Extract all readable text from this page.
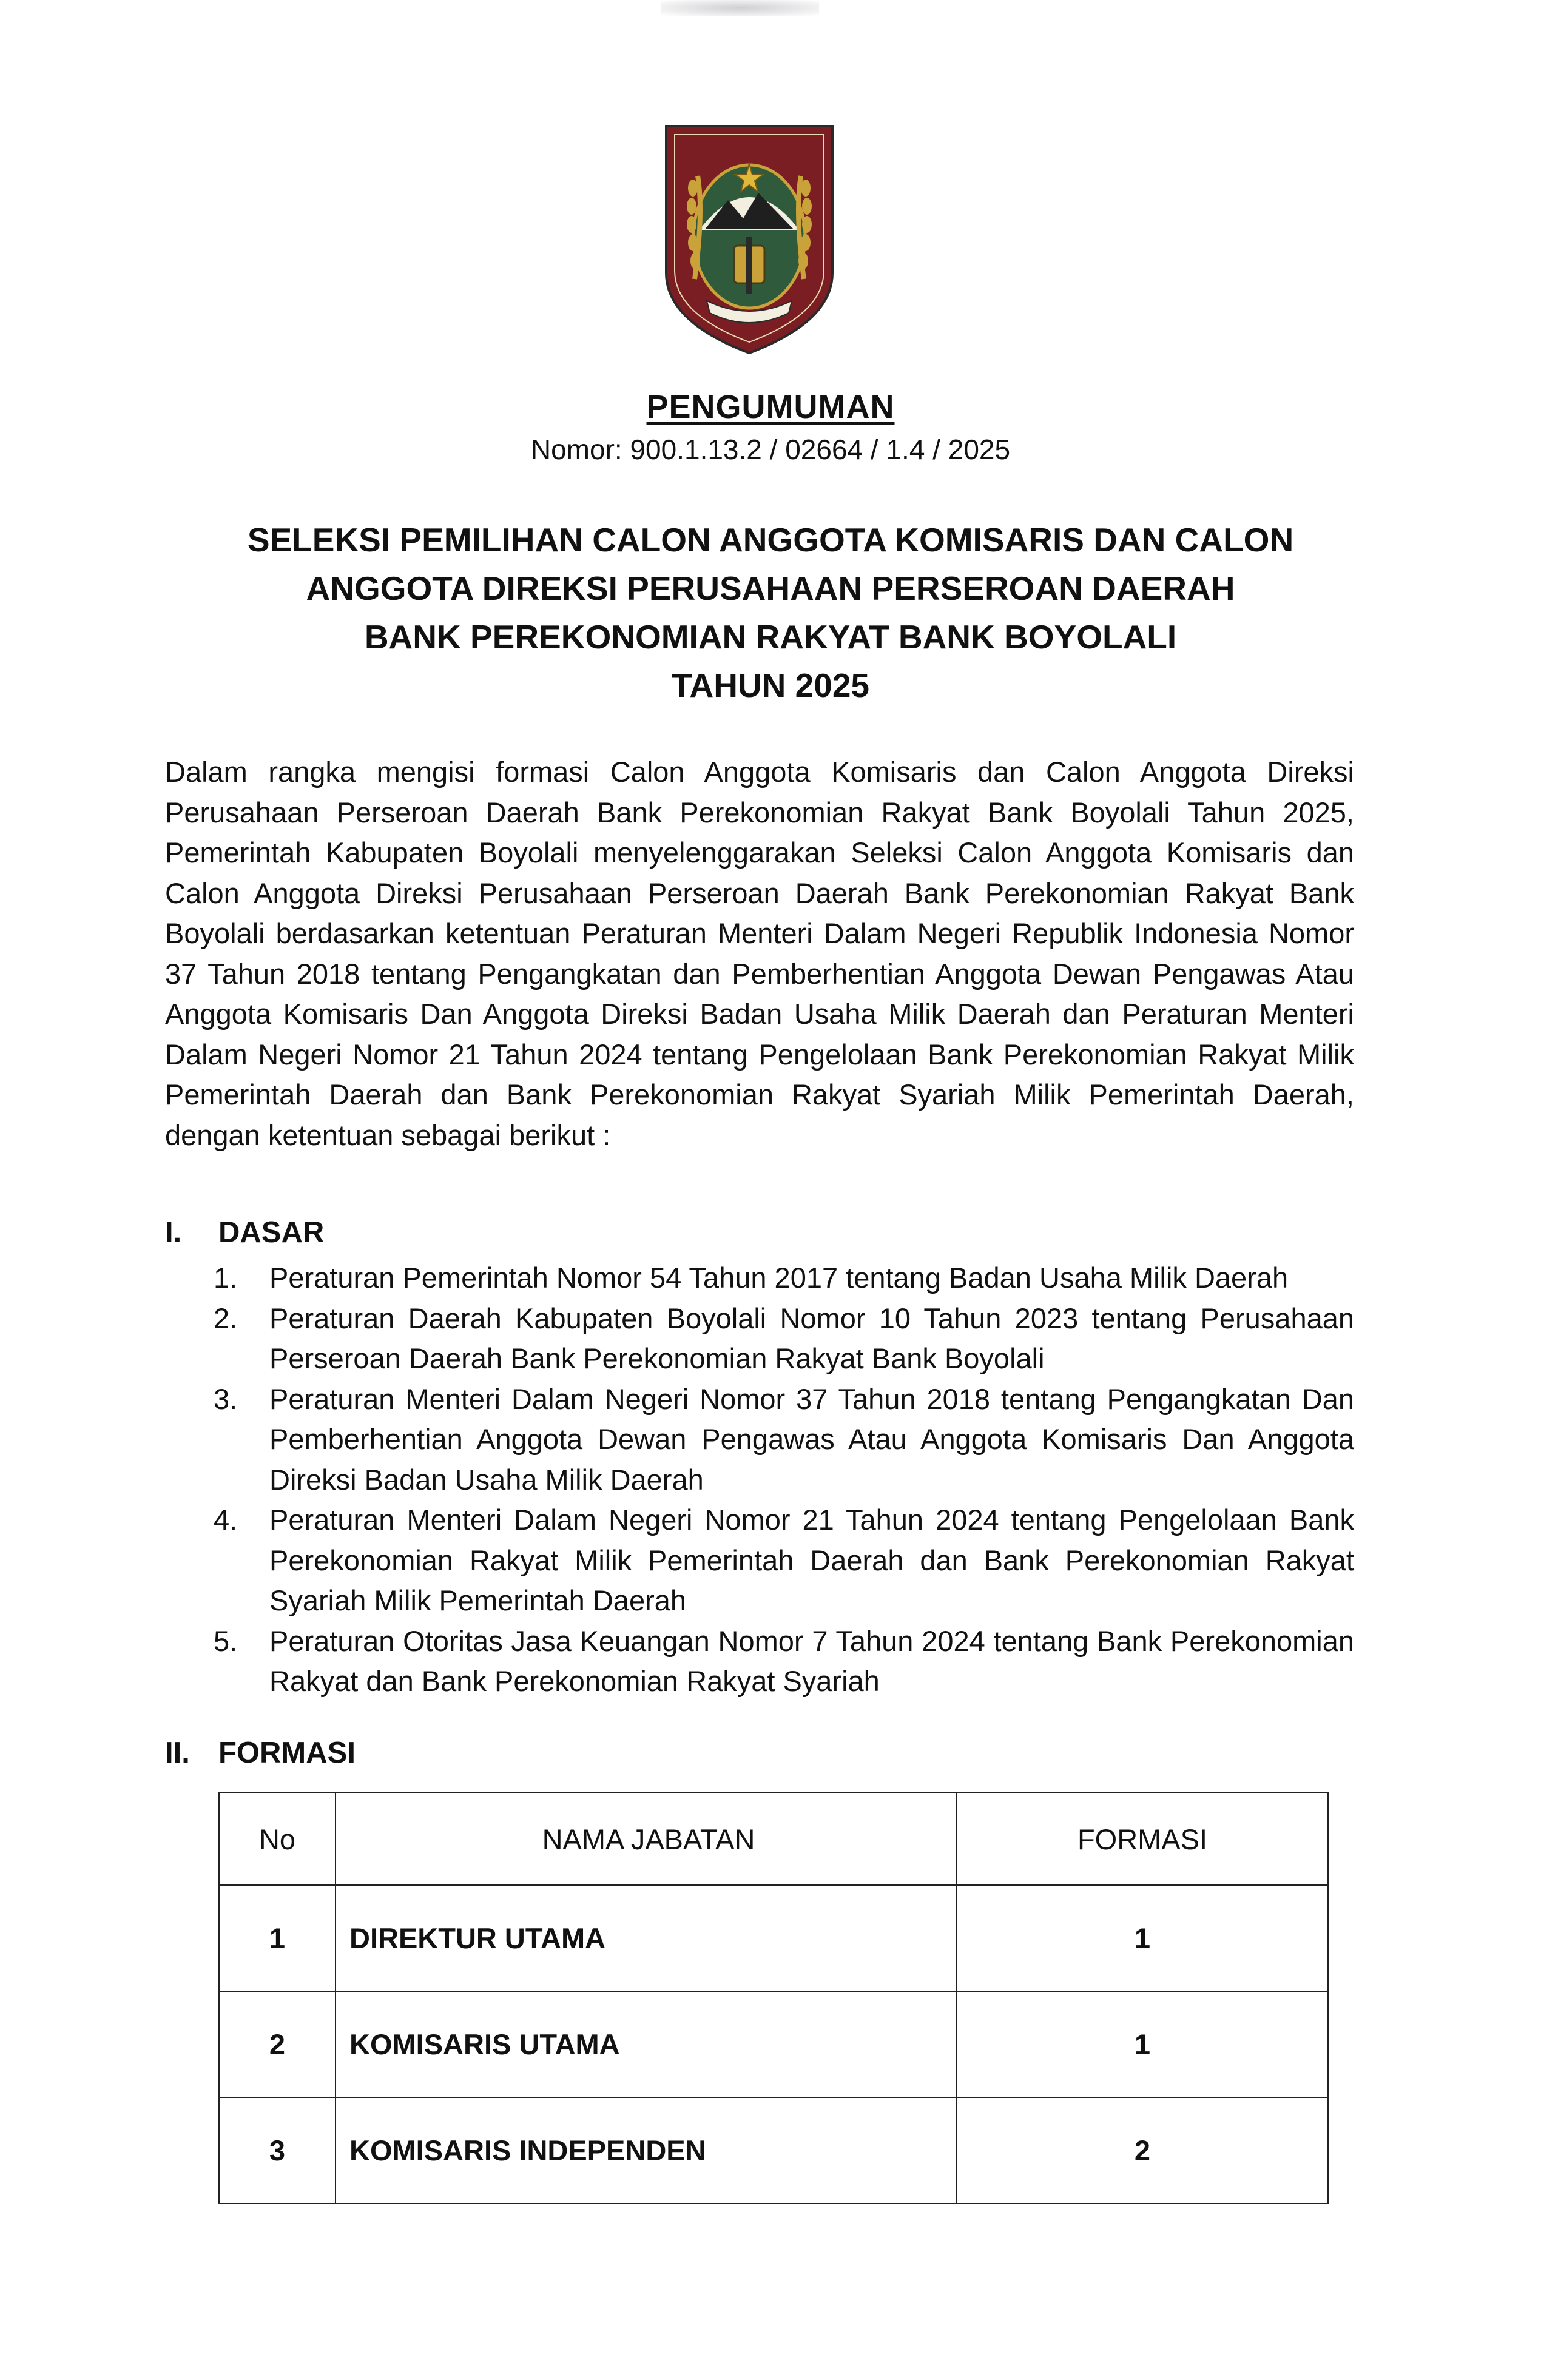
PENGUMUMAN
Nomor: 900.1.13.2 / 02664 / 1.4 / 2025
SELEKSI PEMILIHAN CALON ANGGOTA KOMISARIS DAN CALON
ANGGOTA DIREKSI PERUSAHAAN PERSEROAN DAERAH
BANK PEREKONOMIAN RAKYAT BANK BOYOLALI
TAHUN 2025
Dalam rangka mengisi formasi Calon Anggota Komisaris dan Calon Anggota Direksi Perusahaan Perseroan Daerah Bank Perekonomian Rakyat Bank Boyolali Tahun 2025, Pemerintah Kabupaten Boyolali menyelenggarakan Seleksi Calon Anggota Komisaris dan Calon Anggota Direksi Perusahaan Perseroan Daerah Bank Perekonomian Rakyat Bank Boyolali berdasarkan ketentuan Peraturan Menteri Dalam Negeri Republik Indonesia Nomor 37 Tahun 2018 tentang Pengangkatan dan Pemberhentian Anggota Dewan Pengawas Atau Anggota Komisaris Dan Anggota Direksi Badan Usaha Milik Daerah dan Peraturan Menteri Dalam Negeri Nomor 21 Tahun 2024 tentang Pengelolaan Bank Perekonomian Rakyat Milik Pemerintah Daerah dan Bank Perekonomian Rakyat Syariah Milik Pemerintah Daerah, dengan ketentuan sebagai berikut :
I. DASAR
1. Peraturan Pemerintah Nomor 54 Tahun 2017 tentang Badan Usaha Milik Daerah
2. Peraturan Daerah Kabupaten Boyolali Nomor 10 Tahun 2023 tentang Perusahaan Perseroan Daerah Bank Perekonomian Rakyat Bank Boyolali
3. Peraturan Menteri Dalam Negeri Nomor 37 Tahun 2018 tentang Pengangkatan Dan Pemberhentian Anggota Dewan Pengawas Atau Anggota Komisaris Dan Anggota Direksi Badan Usaha Milik Daerah
4. Peraturan Menteri Dalam Negeri Nomor 21 Tahun 2024 tentang Pengelolaan Bank Perekonomian Rakyat Milik Pemerintah Daerah dan Bank Perekonomian Rakyat Syariah Milik Pemerintah Daerah
5. Peraturan Otoritas Jasa Keuangan Nomor 7 Tahun 2024 tentang Bank Perekonomian Rakyat dan Bank Perekonomian Rakyat Syariah
II. FORMASI
No	NAMA JABATAN	FORMASI
1	DIREKTUR UTAMA	1
2	KOMISARIS UTAMA	1
3	KOMISARIS INDEPENDEN	2
